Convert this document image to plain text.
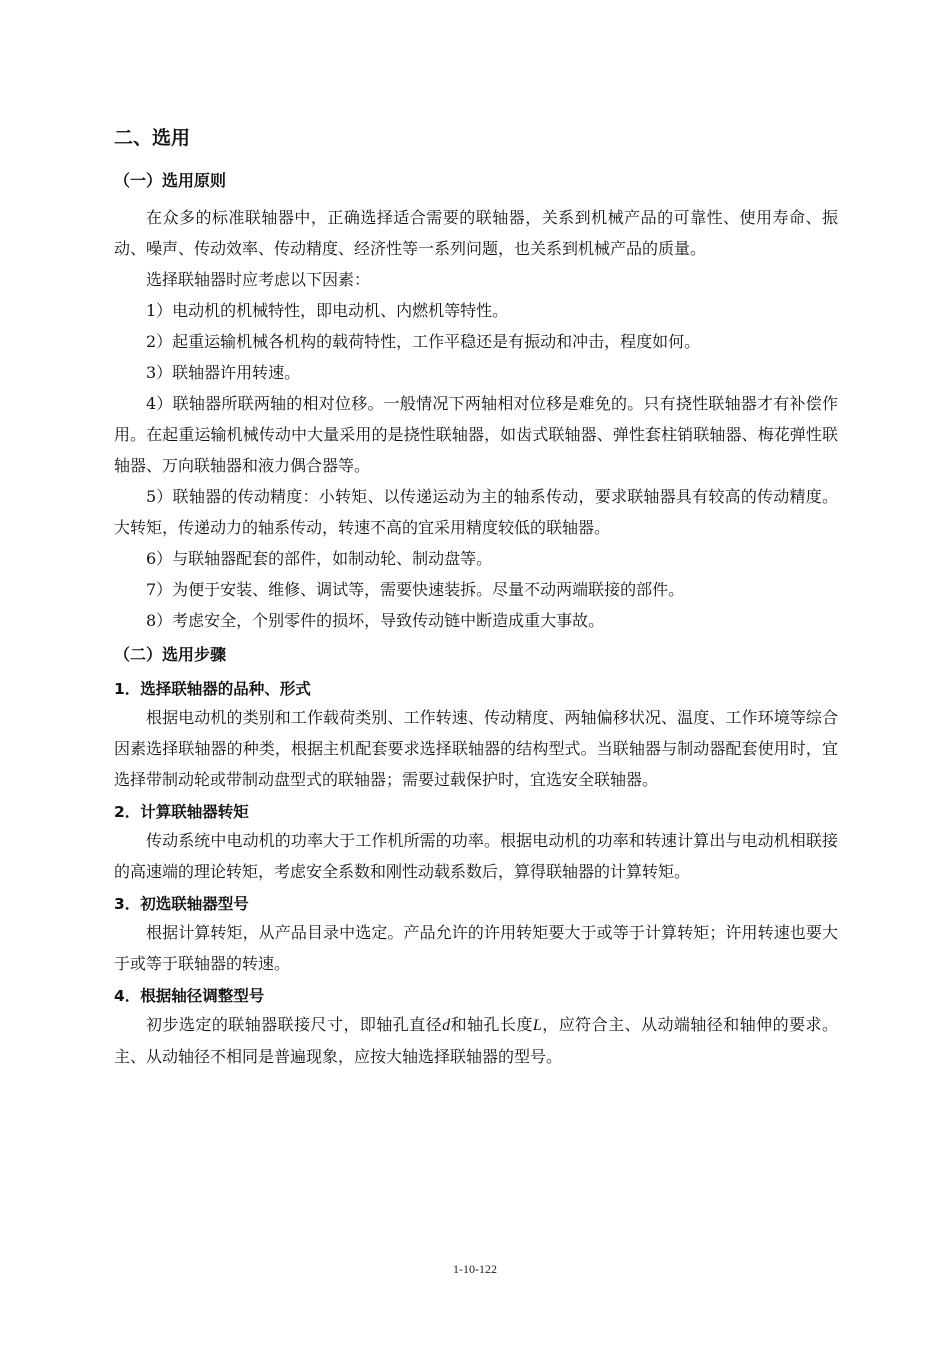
二、选用
（一）选用原则

在众多的标准联轴器中，正确选择适合需要的联轴器，关系到机械产品的可靠性、使用寿命、振动、噪声、传动效率、传动精度、经济性等一系列问题，也关系到机械产品的质量。

选择联轴器时应考虑以下因素：

1）电动机的机械特性，即电动机、内燃机等特性。

2）起重运输机械各机构的载荷特性，工作平稳还是有振动和冲击，程度如何。

3）联轴器许用转速。

4）联轴器所联两轴的相对位移。一般情况下两轴相对位移是难免的。只有挠性联轴器才有补偿作用。在起重运输机械传动中大量采用的是挠性联轴器，如齿式联轴器、弹性套柱销联轴器、梅花弹性联轴器、万向联轴器和液力偶合器等。

5）联轴器的传动精度：小转矩、以传递运动为主的轴系传动，要求联轴器具有较高的传动精度。大转矩，传递动力的轴系传动，转速不高的宜采用精度较低的联轴器。

6）与联轴器配套的部件，如制动轮、制动盘等。

7）为便于安装、维修、调试等，需要快速装拆。尽量不动两端联接的部件。

8）考虑安全，个别零件的损坏，导致传动链中断造成重大事故。

（二）选用步骤
1．选择联轴器的品种、形式

根据电动机的类别和工作载荷类别、工作转速、传动精度、两轴偏移状况、温度、工作环境等综合因素选择联轴器的种类，根据主机配套要求选择联轴器的结构型式。当联轴器与制动器配套使用时，宜选择带制动轮或带制动盘型式的联轴器；需要过载保护时，宜选安全联轴器。

2．计算联轴器转矩

传动系统中电动机的功率大于工作机所需的功率。根据电动机的功率和转速计算出与电动机相联接的高速端的理论转矩，考虑安全系数和刚性动载系数后，算得联轴器的计算转矩。

3．初选联轴器型号

根据计算转矩，从产品目录中选定。产品允许的许用转矩要大于或等于计算转矩；许用转速也要大于或等于联轴器的转速。

4．根据轴径调整型号

初步选定的联轴器联接尺寸，即轴孔直径d和轴孔长度L，应符合主、从动端轴径和轴伸的要求。主、从动轴径不相同是普遍现象，应按大轴选择联轴器的型号。

1-10-122
